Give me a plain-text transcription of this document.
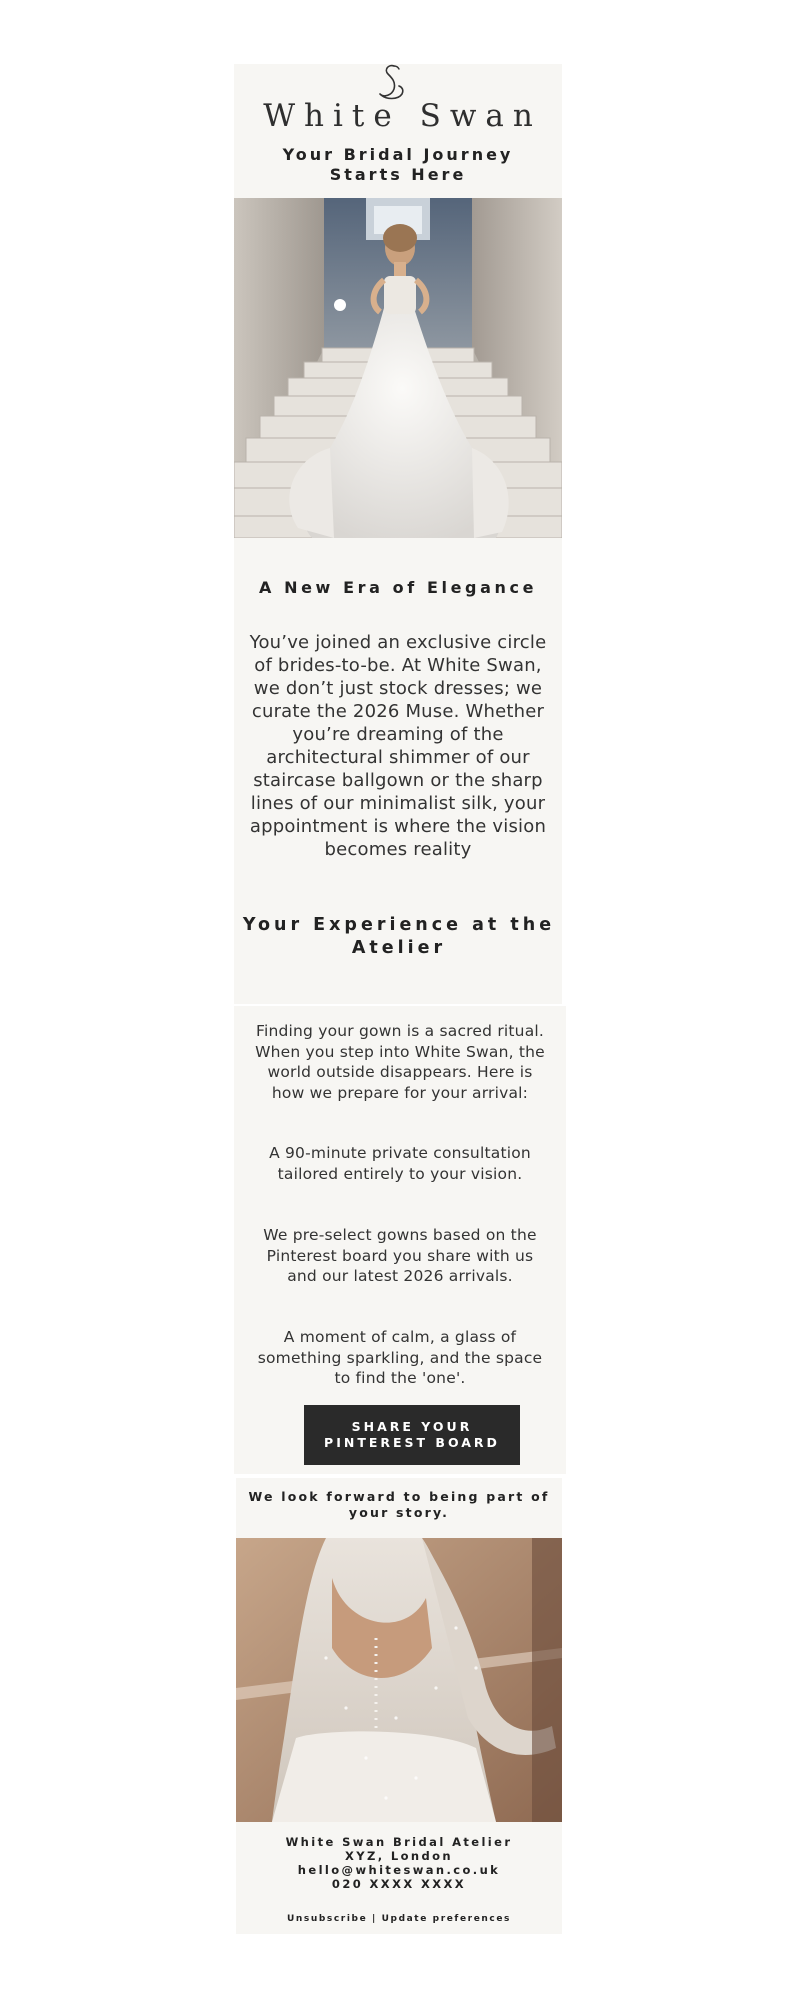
White Swan
Your Bridal Journey Starts Here
A New Era of Elegance
You’ve joined an exclusive circle of brides-to-be. At White Swan, we don’t just stock dresses; we curate the 2026 Muse. Whether you’re dreaming of the architectural shimmer of our staircase ballgown or the sharp lines of our minimalist silk, your appointment is where the vision becomes reality
Your Experience at the Atelier
Finding your gown is a sacred ritual. When you step into White Swan, the world outside disappears. Here is how we prepare for your arrival:
A 90-minute private consultation tailored entirely to your vision.
We pre-select gowns based on the Pinterest board you share with us and our latest 2026 arrivals.
A moment of calm, a glass of something sparkling, and the space to find the 'one'.
SHARE YOUR PINTEREST BOARD
We look forward to being part of your story.
White Swan Bridal Atelier
XYZ, London
hello@whiteswan.co.uk
020 XXXX XXXX
Unsubscribe | Update preferences
